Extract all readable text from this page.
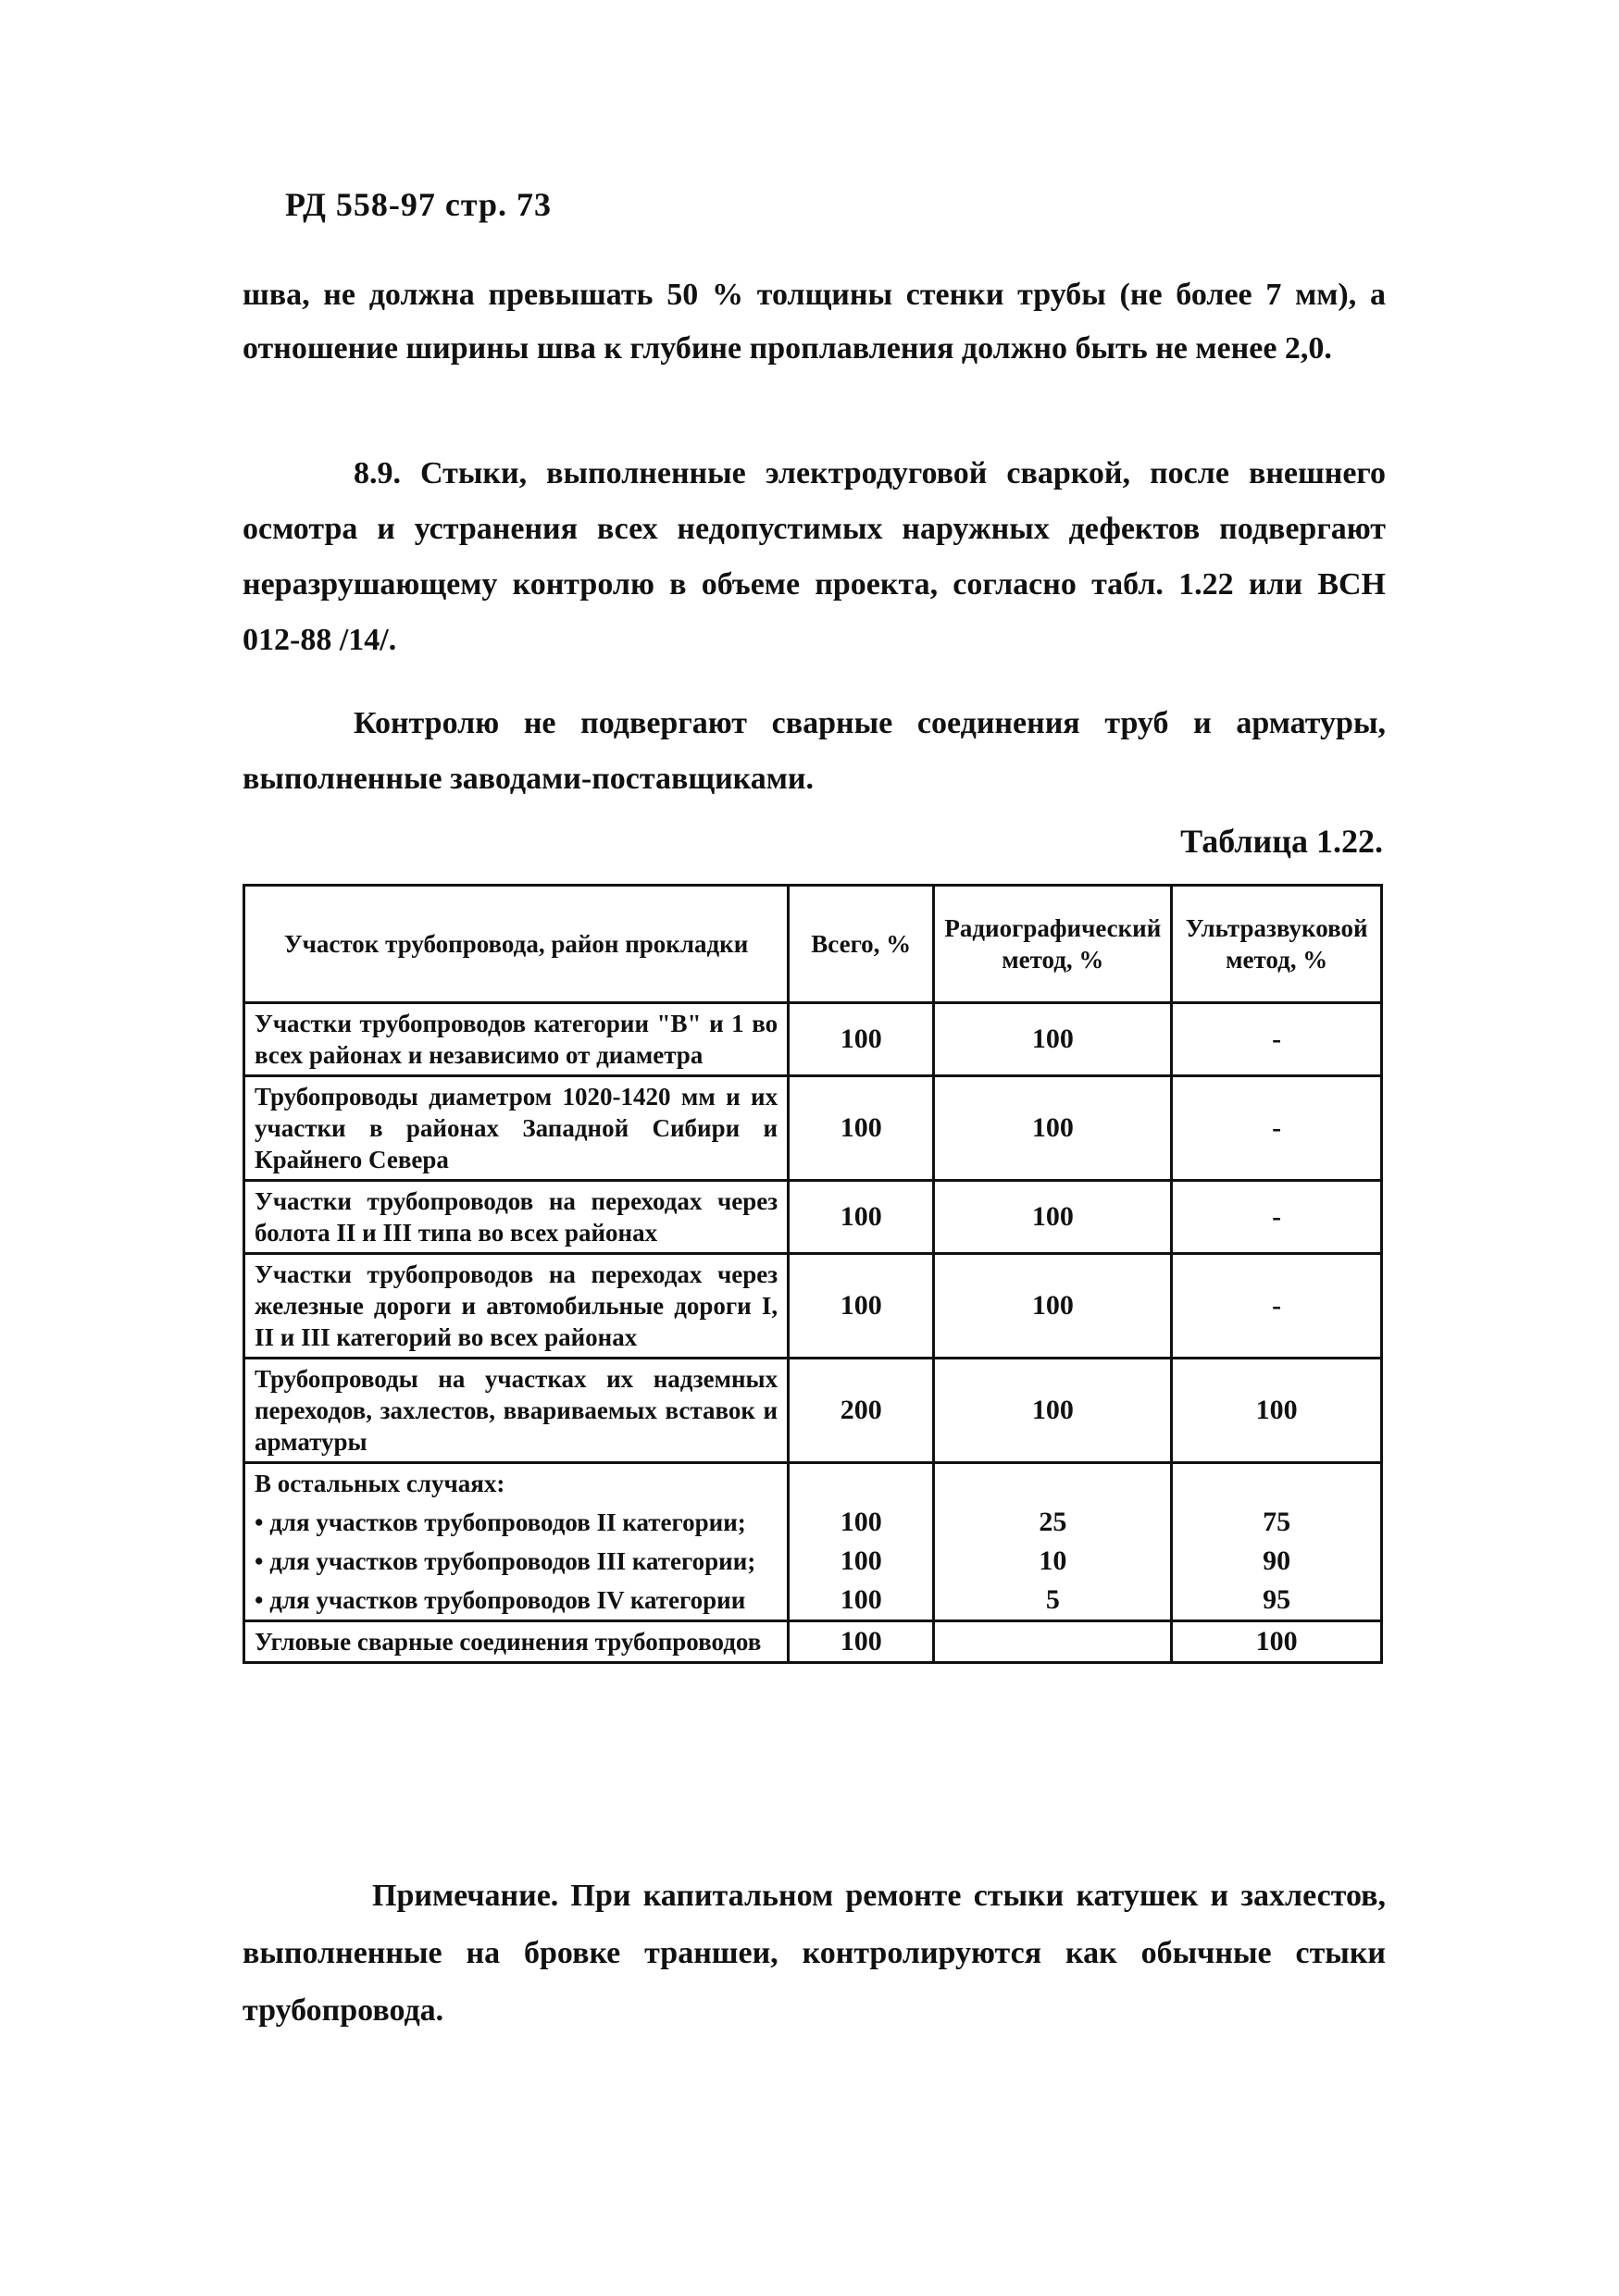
РД 558-97 стр. 73
шва, не должна превышать 50 % толщины стенки трубы (не более 7 мм), а отношение ширины шва к глубине проплавления должно быть не менее 2,0.
8.9. Стыки, выполненные электродуговой сваркой, после внешнего осмотра и устранения всех недопустимых наружных дефектов подвергают неразрушающему контролю в объеме проекта, согласно табл. 1.22 или ВСН 012-88 /14/.
Контролю не подвергают сварные соединения труб и арматуры, выполненные заводами-поставщиками.
Таблица 1.22.
Участок трубопровода, район прокладки	Всего, %	Радиографический метод, %	Ультразвуковой метод, %
Участки трубопроводов категории "В" и 1 во всех районах и независимо от диаметра	100	100	-
Трубопроводы диаметром 1020-1420 мм и их участки в районах Западной Сибири и Крайнего Севера	100	100	-
Участки трубопроводов на переходах через болота II и III типа во всех районах	100	100	-
Участки трубопроводов на переходах через железные дороги и автомобильные дороги I, II и III категорий во всех районах	100	100	-
Трубопроводы на участках их надземных переходов, захлестов, вваривaемых вставок и арматуры	200	100	100
В остальных случаях:			
• для участков трубопроводов II категории;	100	25	75
• для участков трубопроводов III категории;	100	10	90
• для участков трубопроводов IV категории	100	5	95
Угловые сварные соединения трубопроводов	100		100
Примечание. При капитальном ремонте стыки катушек и захлестов, выполненные на бровке траншеи, контролируются как обычные стыки трубопровода.
